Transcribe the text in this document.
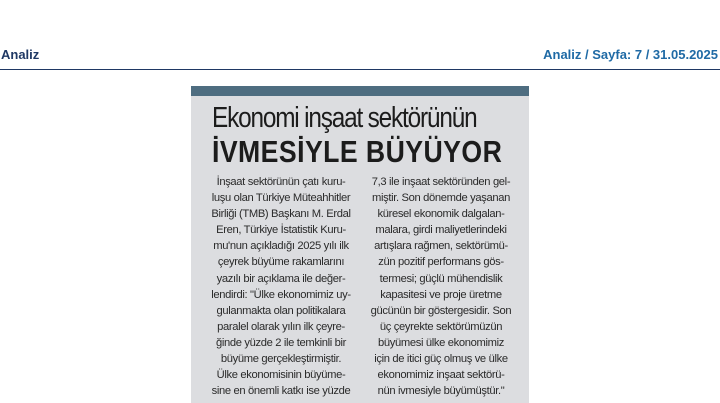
Analiz	Analiz / Sayfa: 7 / 31.05.2025
Ekonomi inşaat sektörünün
İVMESİYLE BÜYÜYOR
İnşaat sektörünün çatı kuru-
luşu olan Türkiye Müteahhitler
Birliği (TMB) Başkanı M. Erdal
Eren, Türkiye İstatistik Kuru-
mu'nun açıkladığı 2025 yılı ilk
çeyrek büyüme rakamlarını
yazılı bir açıklama ile değer-
lendirdi: "Ülke ekonomimiz uy-
gulanmakta olan politikalara
paralel olarak yılın ilk çeyre-
ğinde yüzde 2 ile temkinli bir
büyüme gerçekleştirmiştir.
Ülke ekonomisinin büyüme-
sine en önemli katkı ise yüzde
7,3 ile inşaat sektöründen gel-
miştir. Son dönemde yaşanan
küresel ekonomik dalgalan-
malara, girdi maliyetlerindeki
artışlara rağmen, sektörümü-
zün pozitif performans gös-
termesi; güçlü mühendislik
kapasitesi ve proje üretme
gücünün bir göstergesidir. Son
üç çeyrekte sektörümüzün
büyümesi ülke ekonomimiz
için de itici güç olmuş ve ülke
ekonomimiz inşaat sektörü-
nün ivmesiyle büyümüştür."
